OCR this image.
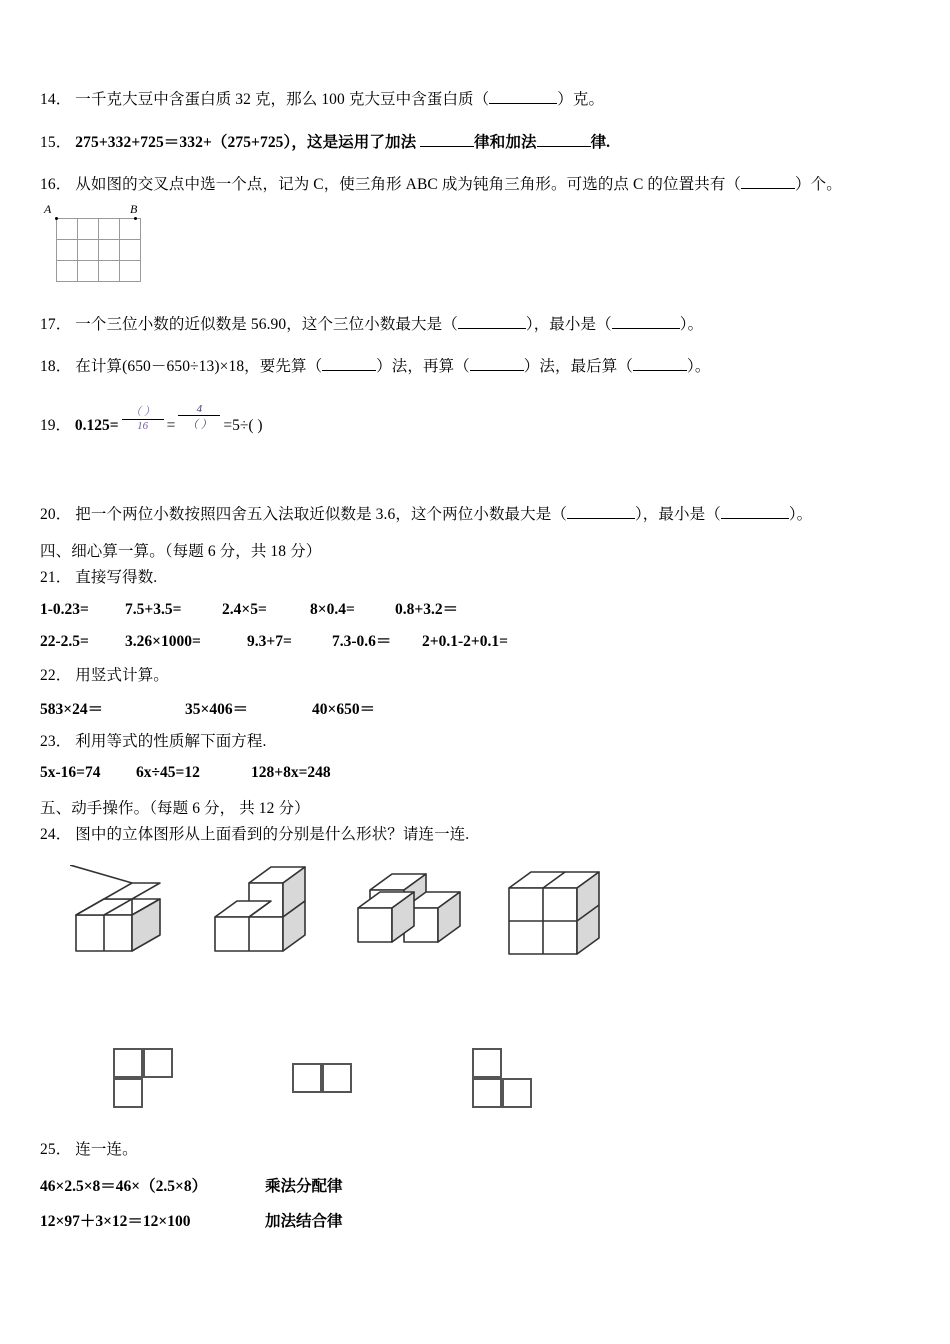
14． 一千克大豆中含蛋白质 32 克，那么 100 克大豆中含蛋白质（	）克。
15． 275+332+725＝332+（275+725），这是运用了加法	律和加法	律.
16． 从如图的交叉点中选一个点，记为 C，使三角形 ABC 成为钝角三角形。可选的点 C 的位置共有（	）个。
A	B

17． 一个三位小数的近似数是 56.90，这个三位小数最大是（	），最小是（	）。
18． 在计算(650－650÷13)×18，要先算（	）法，再算（	）法，最后算（	）。
19． $0.125= \frac{( )}{16} = \frac{4}{( )} =5\div$( )
20． 把一个两位小数按照四舍五入法取近似数是 3.6，这个两位小数最大是（	），最小是（	）。
四、细心算一算。（每题 6 分，共 18 分）
21． 直接写得数.
1-0.23= 7.5+3.5=	2.4×5=	8×0.4=	0.8+3.2＝
22-2.5= 3.26×1000=	9.3+7=	7.3-0.6＝ 2+0.1-2+0.1=
22． 用竖式计算。
583×24＝	35×406＝	40×650＝
23． 利用等式的性质解下面方程.
5x-16=74 6x÷45=12	128+8x=248
五、动手操作。（每题 6 分， 共 12 分）
24． 图中的立体图形从上面看到的分别是什么形状？请连一连.
25． 连一连。
46×2.5×8＝46×（2.5×8）	乘法分配律
12×97＋3×12＝12×100	加法结合律
